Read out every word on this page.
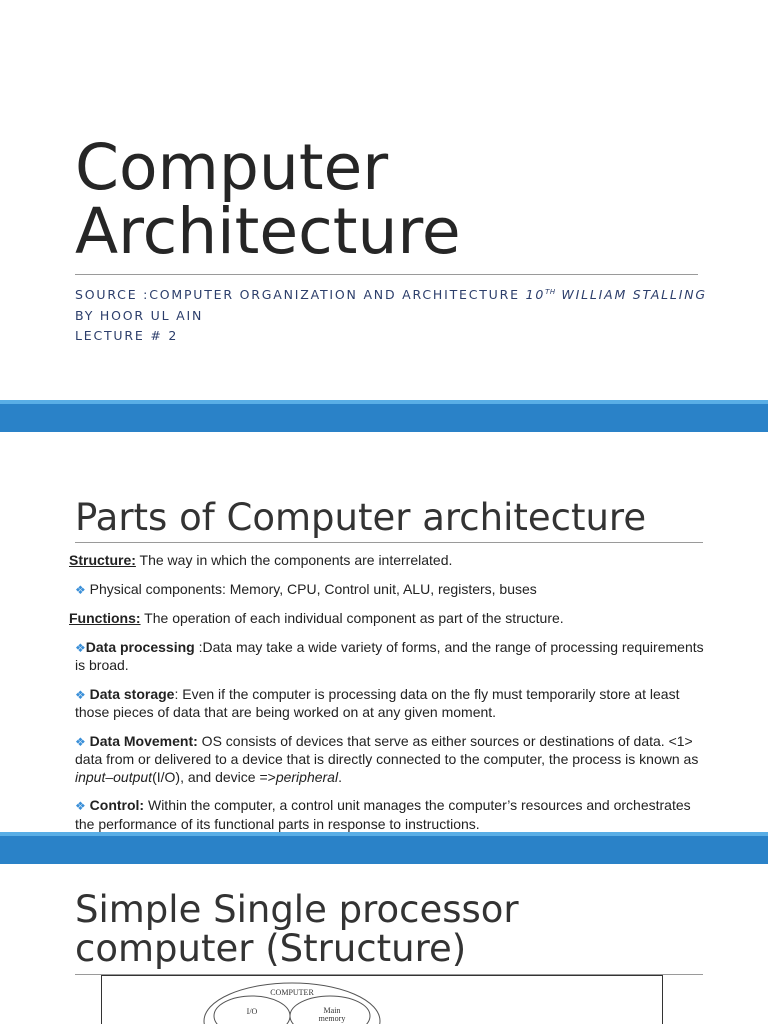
Computer
Architecture
SOURCE :COMPUTER ORGANIZATION AND ARCHITECTURE 10TH WILLIAM STALLING
BY HOOR UL AIN
LECTURE # 2
Parts of Computer architecture

Structure: The way in which the components are interrelated.

❖ Physical components: Memory, CPU, Control unit, ALU, registers, buses

Functions: The operation of each individual component as part of the structure.

❖Data processing :Data may take a wide variety of forms, and the range of processing requirements is broad.

❖ Data storage: Even if the computer is processing data on the fly must temporarily store at least those pieces of data that are being worked on at any given moment.

❖ Data Movement: OS consists of devices that serve as either sources or destinations of data. <1> data from or delivered to a device that is directly connected to the computer, the process is known as input–output(I/O), and device =>peripheral.

❖ Control: Within the computer, a control unit manages the computer’s resources and orchestrates the performance of its functional parts in response to instructions.

Simple Single processor
computer (Structure)
COMPUTER
I/O	Main
memory
